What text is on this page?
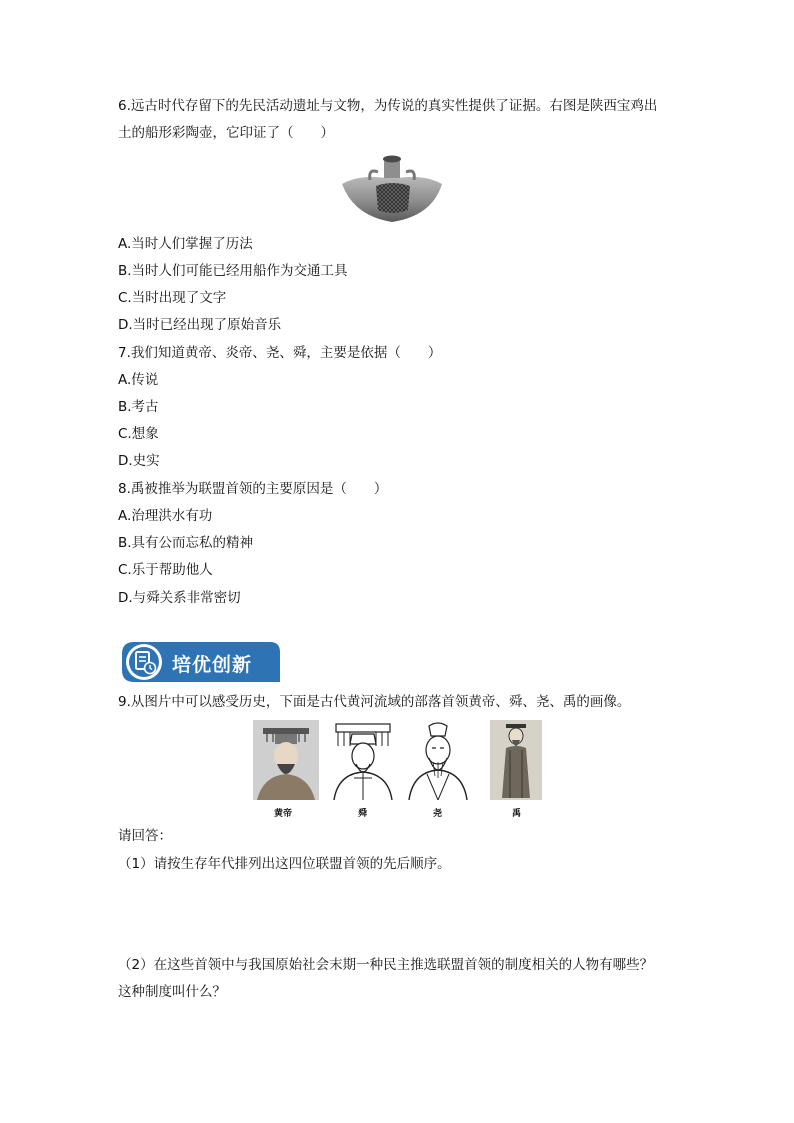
6.远古时代存留下的先民活动遗址与文物，为传说的真实性提供了证据。右图是陕西宝鸡出
土的船形彩陶壶，它印证了（　　）
A.当时人们掌握了历法
B.当时人们可能已经用船作为交通工具
C.当时出现了文字
D.当时已经出现了原始音乐
7.我们知道黄帝、炎帝、尧、舜，主要是依据（　　）
A.传说
B.考古
C.想象
D.史实
8.禹被推举为联盟首领的主要原因是（　　）
A.治理洪水有功
B.具有公而忘私的精神
C.乐于帮助他人
D.与舜关系非常密切
培优创新
9.从图片中可以感受历史，下面是古代黄河流域的部落首领黄帝、舜、尧、禹的画像。
黄帝	舜	尧	禹
请回答：
（1）请按生存年代排列出这四位联盟首领的先后顺序。
（2）在这些首领中与我国原始社会末期一种民主推选联盟首领的制度相关的人物有哪些？
这种制度叫什么？
